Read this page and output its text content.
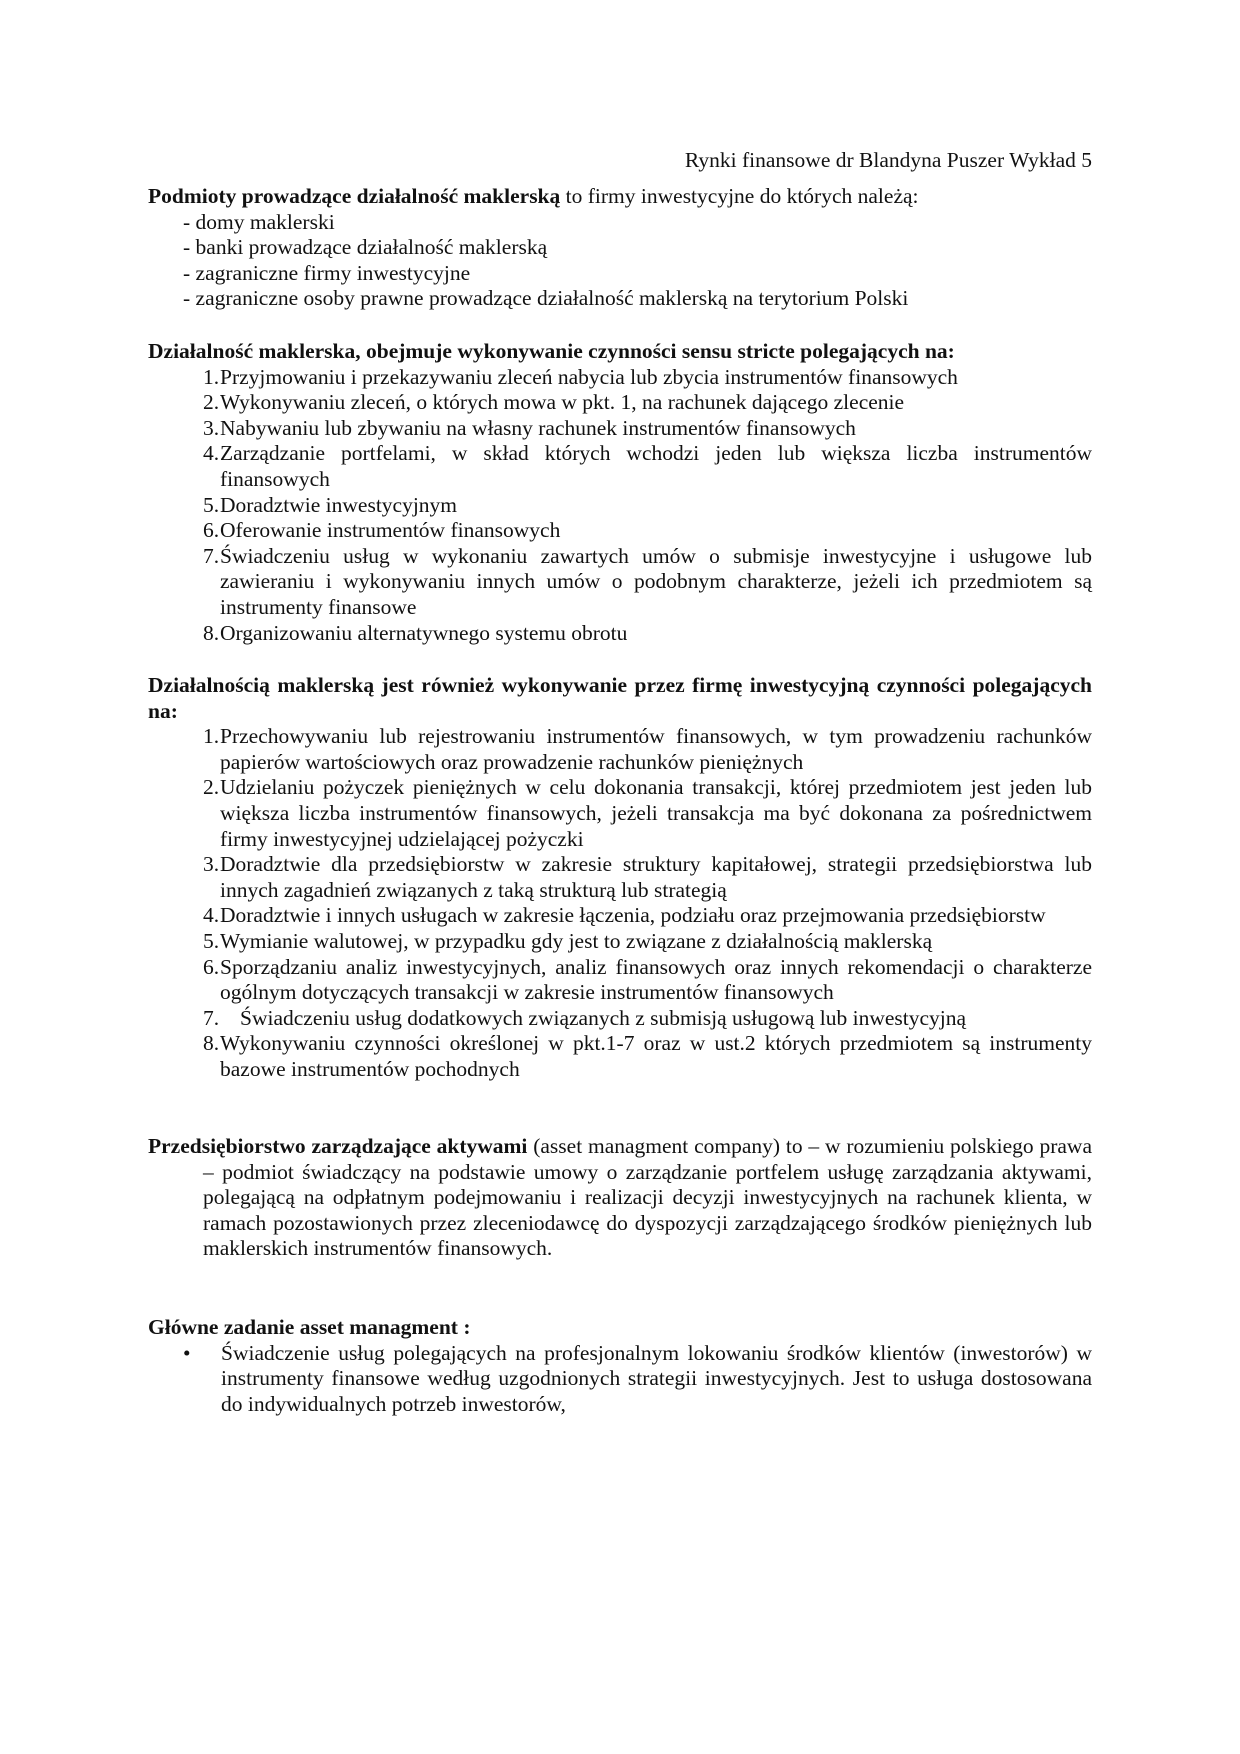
Rynki finansowe dr Blandyna Puszer Wykład 5
Podmioty prowadzące działalność maklerską to firmy inwestycyjne do których należą:
- domy maklerski
- banki prowadzące działalność maklerską
- zagraniczne firmy inwestycyjne
- zagraniczne osoby prawne prowadzące działalność maklerską na terytorium Polski
Działalność maklerska, obejmuje wykonywanie czynności sensu stricte polegających na:
1. Przyjmowaniu i przekazywaniu zleceń nabycia lub zbycia instrumentów finansowych
2. Wykonywaniu zleceń, o których mowa w pkt. 1, na rachunek dającego zlecenie
3. Nabywaniu lub zbywaniu na własny rachunek instrumentów finansowych
4. Zarządzanie portfelami, w skład których wchodzi jeden lub większa liczba instrumentów finansowych
5. Doradztwie inwestycyjnym
6. Oferowanie instrumentów finansowych
7. Świadczeniu usług w wykonaniu zawartych umów o submisje inwestycyjne i usługowe lub zawieraniu i wykonywaniu innych umów o podobnym charakterze, jeżeli ich przedmiotem są instrumenty finansowe
8. Organizowaniu alternatywnego systemu obrotu
Działalnością maklerską jest również wykonywanie przez firmę inwestycyjną czynności polegających na:
1. Przechowywaniu lub rejestrowaniu instrumentów finansowych, w tym prowadzeniu rachunków papierów wartościowych oraz prowadzenie rachunków pieniężnych
2. Udzielaniu pożyczek pieniężnych w celu dokonania transakcji, której przedmiotem jest jeden lub większa liczba instrumentów finansowych, jeżeli transakcja ma być dokonana za pośrednictwem firmy inwestycyjnej udzielającej pożyczki
3. Doradztwie dla przedsiębiorstw w zakresie struktury kapitałowej, strategii przedsiębiorstwa lub innych zagadnień związanych z taką strukturą lub strategią
4. Doradztwie i innych usługach w zakresie łączenia, podziału oraz przejmowania przedsiębiorstw
5. Wymianie walutowej, w przypadku gdy jest to związane z działalnością maklerską
6. Sporządzaniu analiz inwestycyjnych, analiz finansowych oraz innych rekomendacji o charakterze ogólnym dotyczących transakcji w zakresie instrumentów finansowych
7. Świadczeniu usług dodatkowych związanych z submisją usługową lub inwestycyjną
8. Wykonywaniu czynności określonej w pkt.1-7 oraz w ust.2 których przedmiotem są instrumenty bazowe instrumentów pochodnych
Przedsiębiorstwo zarządzające aktywami (asset managment company) to – w rozumieniu polskiego prawa – podmiot świadczący na podstawie umowy o zarządzanie portfelem usługę zarządzania aktywami, polegającą na odpłatnym podejmowaniu i realizacji decyzji inwestycyjnych na rachunek klienta, w ramach pozostawionych przez zleceniodawcę do dyspozycji zarządzającego środków pieniężnych lub maklerskich instrumentów finansowych.
Główne zadanie asset managment :
•	Świadczenie usług polegających na profesjonalnym lokowaniu środków klientów (inwestorów) w instrumenty finansowe według uzgodnionych strategii inwestycyjnych. Jest to usługa dostosowana do indywidualnych potrzeb inwestorów,
